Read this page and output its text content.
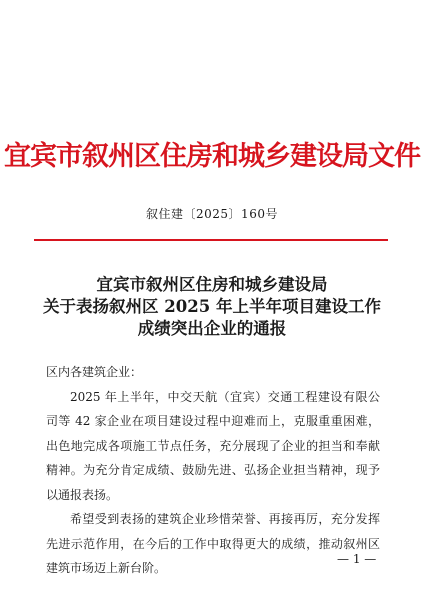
宜宾市叙州区住房和城乡建设局文件
叙住建〔2025〕160号
宜宾市叙州区住房和城乡建设局
关于表扬叙州区 2025 年上半年项目建设工作
成绩突出企业的通报

区内各建筑企业：

2025 年上半年，中交天航（宜宾）交通工程建设有限公司等 42 家企业在项目建设过程中迎难而上，克服重重困难，出色地完成各项施工节点任务，充分展现了企业的担当和奉献精神。为充分肯定成绩、鼓励先进、弘扬企业担当精神，现予以通报表扬。

希望受到表扬的建筑企业珍惜荣誉、再接再厉，充分发挥先进示范作用，在今后的工作中取得更大的成绩，推动叙州区建筑市场迈上新台阶。

— 1 —
